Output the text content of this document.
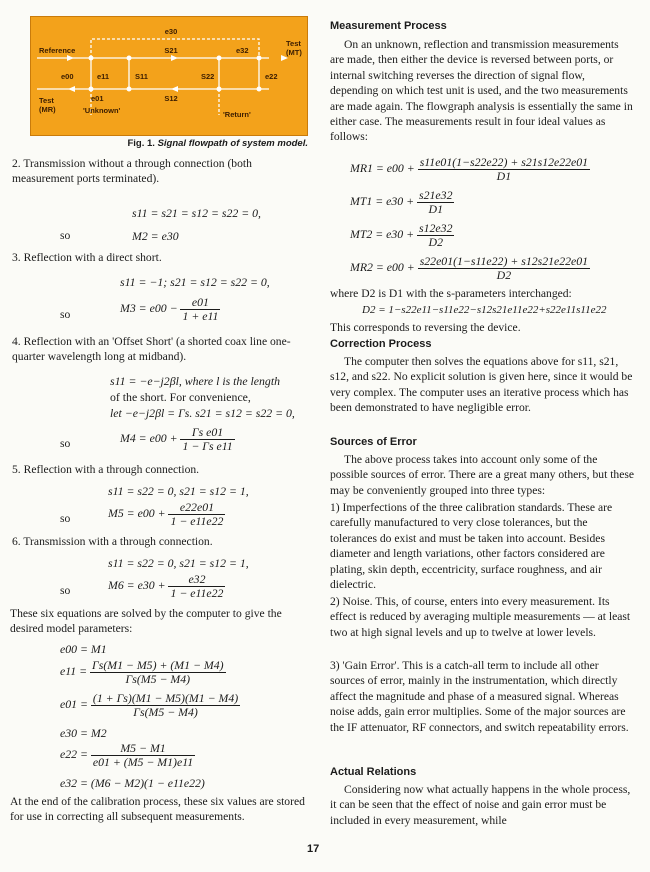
e30
Reference	S21	e32
Test
(MT)
e00	e11	S11	S22	e22
e01	S12
Test
(MR)	'Unknown'	'Return'
Fig. 1. Signal flowpath of system model.
2. Transmission without a through connection (both measurement ports terminated).
s11 = s21 = s12 = s22 = 0,
so	M2 = e30
3. Reflection with a direct short.
s11 = −1; s21 = s12 = s22 = 0,
so	$M3 = e00 - \frac{e01}{1 + e11}$
4. Reflection with an 'Offset Short' (a shorted coax line one-quarter wavelength long at midband).
s11 = −e−j2βl, where l is the length
of the short. For convenience,
let −e−j2βl = Γs. s21 = s12 = s22 = 0,
so	$M4 = e00 + \frac{\text{Γs e01}}{\text{1 − Γs e11}}$
5. Reflection with a through connection.
s11 = s22 = 0, s21 = s12 = 1,
so	$M5 = e00 + \frac{e22e01}{1 - e11e22}$
6. Transmission with a through connection.
s11 = s22 = 0, s21 = s12 = 1,
so	$M6 = e30 + \frac{e32}{1 - e11e22}$

These six equations are solved by the computer to give the desired model parameters:

e00 = M1
$e11 = \frac{\Gamma s(M1 - M5) + (M1 - M4)}{\Gamma s(M5 - M4)}$
$e01 = \frac{(1 + \Gamma s)(M1 - M5)(M1 - M4)}{\Gamma s(M5 - M4)}$
e30 = M2
$e22 = \frac{M5 - M1}{e01 + (M5 - M1)e11}$
e32 = (M6 − M2)(1 − e11e22)

At the end of the calibration process, these six values are stored for use in correcting all subsequent measurements.

Measurement Process

On an unknown, reflection and transmission measurements are made, then either the device is reversed between ports, or internal switching reverses the direction of signal flow, depending on which test unit is used, and the two measurements are made again. The flowgraph analysis is essentially the same in either case. The measurements result in four ideal values as follows:

$MR1 = e00 + \frac{s11e01(1-s22e22) + s21s12e22e01}{D1}$
$MT1 = e30 + \frac{s21e32}{D1}$
$MT2 = e30 + \frac{s12e32}{D2}$
$MR2 = e00 + \frac{s22e01(1-s11e22) + s12s21e22e01}{D2}$

where D2 is D1 with the s-parameters interchanged:

D2 = 1−s22e11−s11e22−s12s21e11e22+s22e11s11e22

This corresponds to reversing the device.

Correction Process

The computer then solves the equations above for s11, s21, s12, and s22. No explicit solution is given here, since it would be very complex. The computer uses an iterative process which has been demonstrated to have negligible error.

Sources of Error

The above process takes into account only some of the possible sources of error. There are a great many others, but these may be conveniently grouped into three types:

1) Imperfections of the three calibration standards. These are carefully manufactured to very close tolerances, but the tolerances do exist and must be taken into account. Besides diameter and length variations, other factors considered are plating, skin depth, eccentricity, surface roughness, and air dielectric.

2) Noise. This, of course, enters into every measurement. Its effect is reduced by averaging multiple measurements — at least two at high signal levels and up to twelve at lower levels.

3) 'Gain Error'. This is a catch-all term to include all other sources of error, mainly in the instrumentation, which directly affect the magnitude and phase of a measured signal. Whereas noise adds, gain error multiplies. Some of the major sources are the IF attenuator, RF connectors, and switch repeatability errors.

Actual Relations

Considering now what actually happens in the whole process, it can be seen that the effect of noise and gain error must be included in every measurement, while

17
